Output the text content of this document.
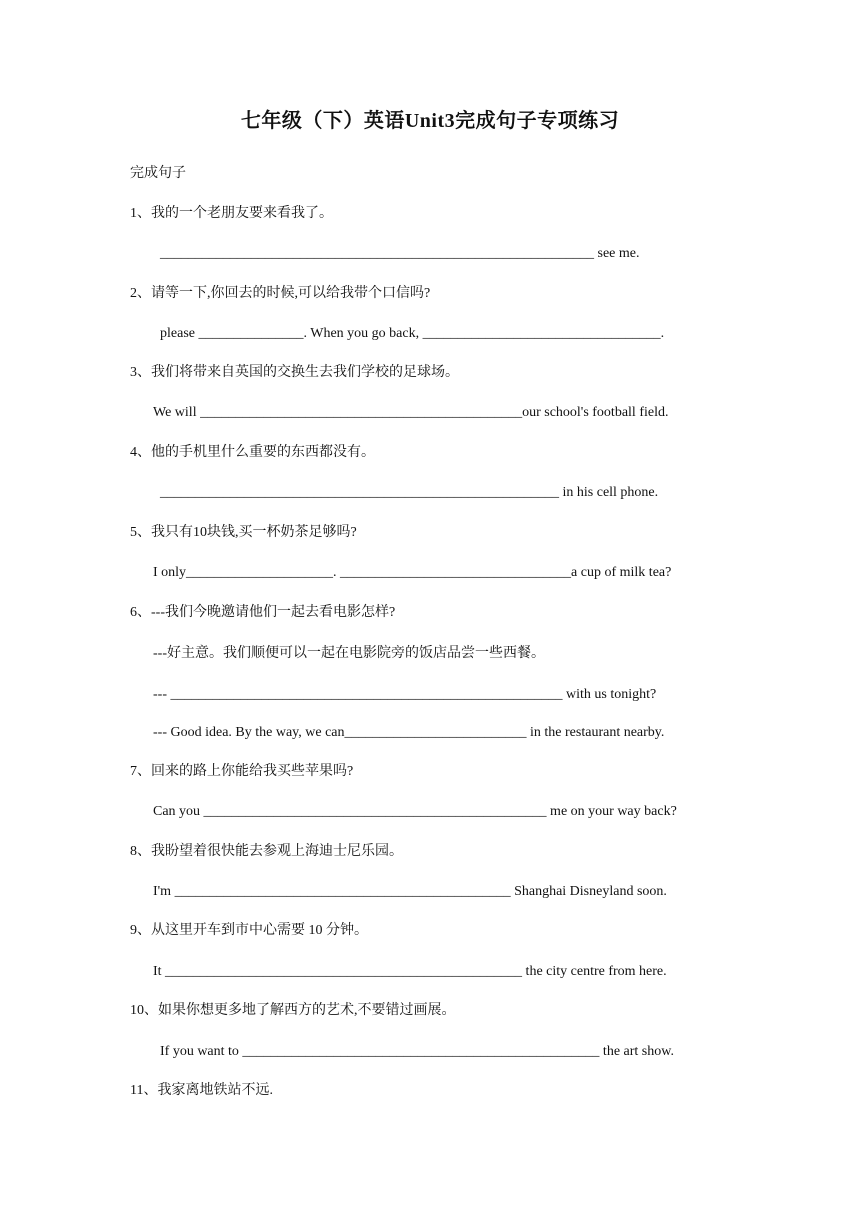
七年级（下）英语Unit3完成句子专项练习
完成句子
1、我的一个老朋友要来看我了。
______________________________________________________________ see me.
2、请等一下,你回去的时候,可以给我带个口信吗?
please _______________. When you go back, __________________________________.
3、我们将带来自英国的交换生去我们学校的足球场。
We will ______________________________________________our school's football field.
4、他的手机里什么重要的东西都没有。
_________________________________________________________ in his cell phone.
5、我只有10块钱,买一杯奶茶足够吗?
I only_____________________. _________________________________a cup of milk tea?
6、---我们今晚邀请他们一起去看电影怎样?
---好主意。我们顺便可以一起在电影院旁的饭店品尝一些西餐。
--- ________________________________________________________ with us tonight?
--- Good idea. By the way, we can__________________________ in the restaurant nearby.
7、回来的路上你能给我买些苹果吗?
Can you _________________________________________________ me on your way back?
8、我盼望着很快能去参观上海迪士尼乐园。
I'm ________________________________________________ Shanghai Disneyland soon.
9、从这里开车到市中心需要 10 分钟。
It ___________________________________________________ the city centre from here.
10、如果你想更多地了解西方的艺术,不要错过画展。
If you want to ___________________________________________________ the art show.
11、我家离地铁站不远.
